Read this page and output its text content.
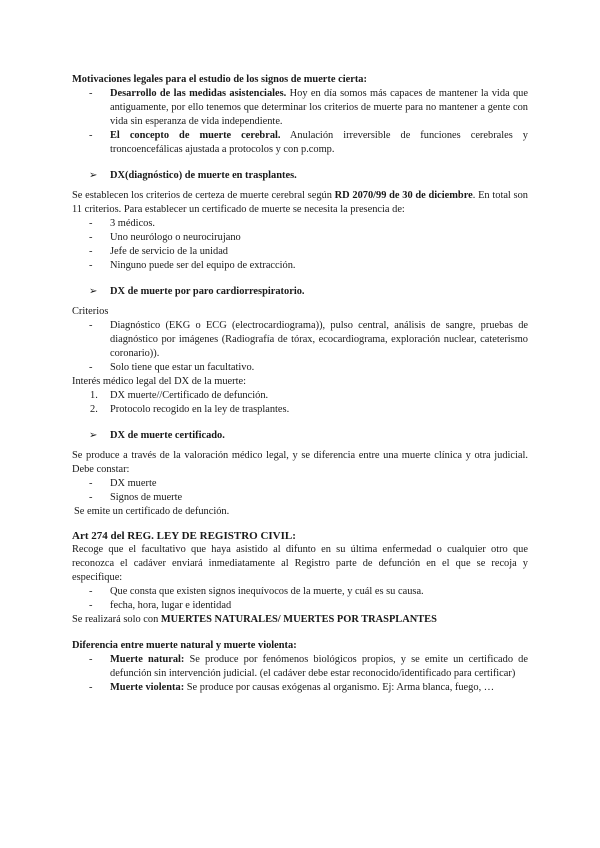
Motivaciones legales para el estudio de los signos de muerte cierta:

- Desarrollo de las medidas asistenciales. Hoy en día somos más capaces de mantener la vida que antiguamente, por ello tenemos que determinar los criterios de muerte para no mantener a gente con vida sin esperanza de vida independiente.
- El concepto de muerte cerebral. Anulación irreversible de funciones cerebrales y troncoencefálicas ajustada a protocolos y con p.comp.

➢ DX(diagnóstico) de muerte en trasplantes.

Se establecen los criterios de certeza de muerte cerebral según RD 2070/99 de 30 de diciembre. En total son 11 criterios. Para establecer un certificado de muerte se necesita la presencia de:

- 3 médicos.
- Uno neurólogo o neurocirujano
- Jefe de servicio de la unidad
- Ninguno puede ser del equipo de extracción.

➢ DX de muerte por paro cardiorrespiratorio.

Criterios

- Diagnóstico (EKG o ECG (electrocardiograma)), pulso central, análisis de sangre, pruebas de diagnóstico por imágenes (Radiografía de tórax, ecocardiograma, exploración nuclear, cateterismo coronario)).
- Solo tiene que estar un facultativo.

Interés médico legal del DX de la muerte:

1. DX muerte//Certificado de defunción.
2. Protocolo recogido en la ley de trasplantes.

➢ DX de muerte certificado.

Se produce a través de la valoración médico legal, y se diferencia entre una muerte clínica y otra judicial. Debe constar:

- DX muerte
- Signos de muerte

Se emite un certificado de defunción.

Art 274 del REG. LEY DE REGISTRO CIVIL:

Recoge que el facultativo que haya asistido al difunto en su última enfermedad o cualquier otro que reconozca el cadáver enviará inmediatamente al Registro parte de defunción en el que se recoja y especifique:

- Que consta que existen signos inequívocos de la muerte, y cuál es su causa.
- fecha, hora, lugar e identidad

Se realizará solo con MUERTES NATURALES/ MUERTES POR TRASPLANTES

Diferencia entre muerte natural y muerte violenta:

- Muerte natural: Se produce por fenómenos biológicos propios, y se emite un certificado de defunción sin intervención judicial. (el cadáver debe estar reconocido/identificado para certificar)
- Muerte violenta: Se produce por causas exógenas al organismo. Ej: Arma blanca, fuego, …
